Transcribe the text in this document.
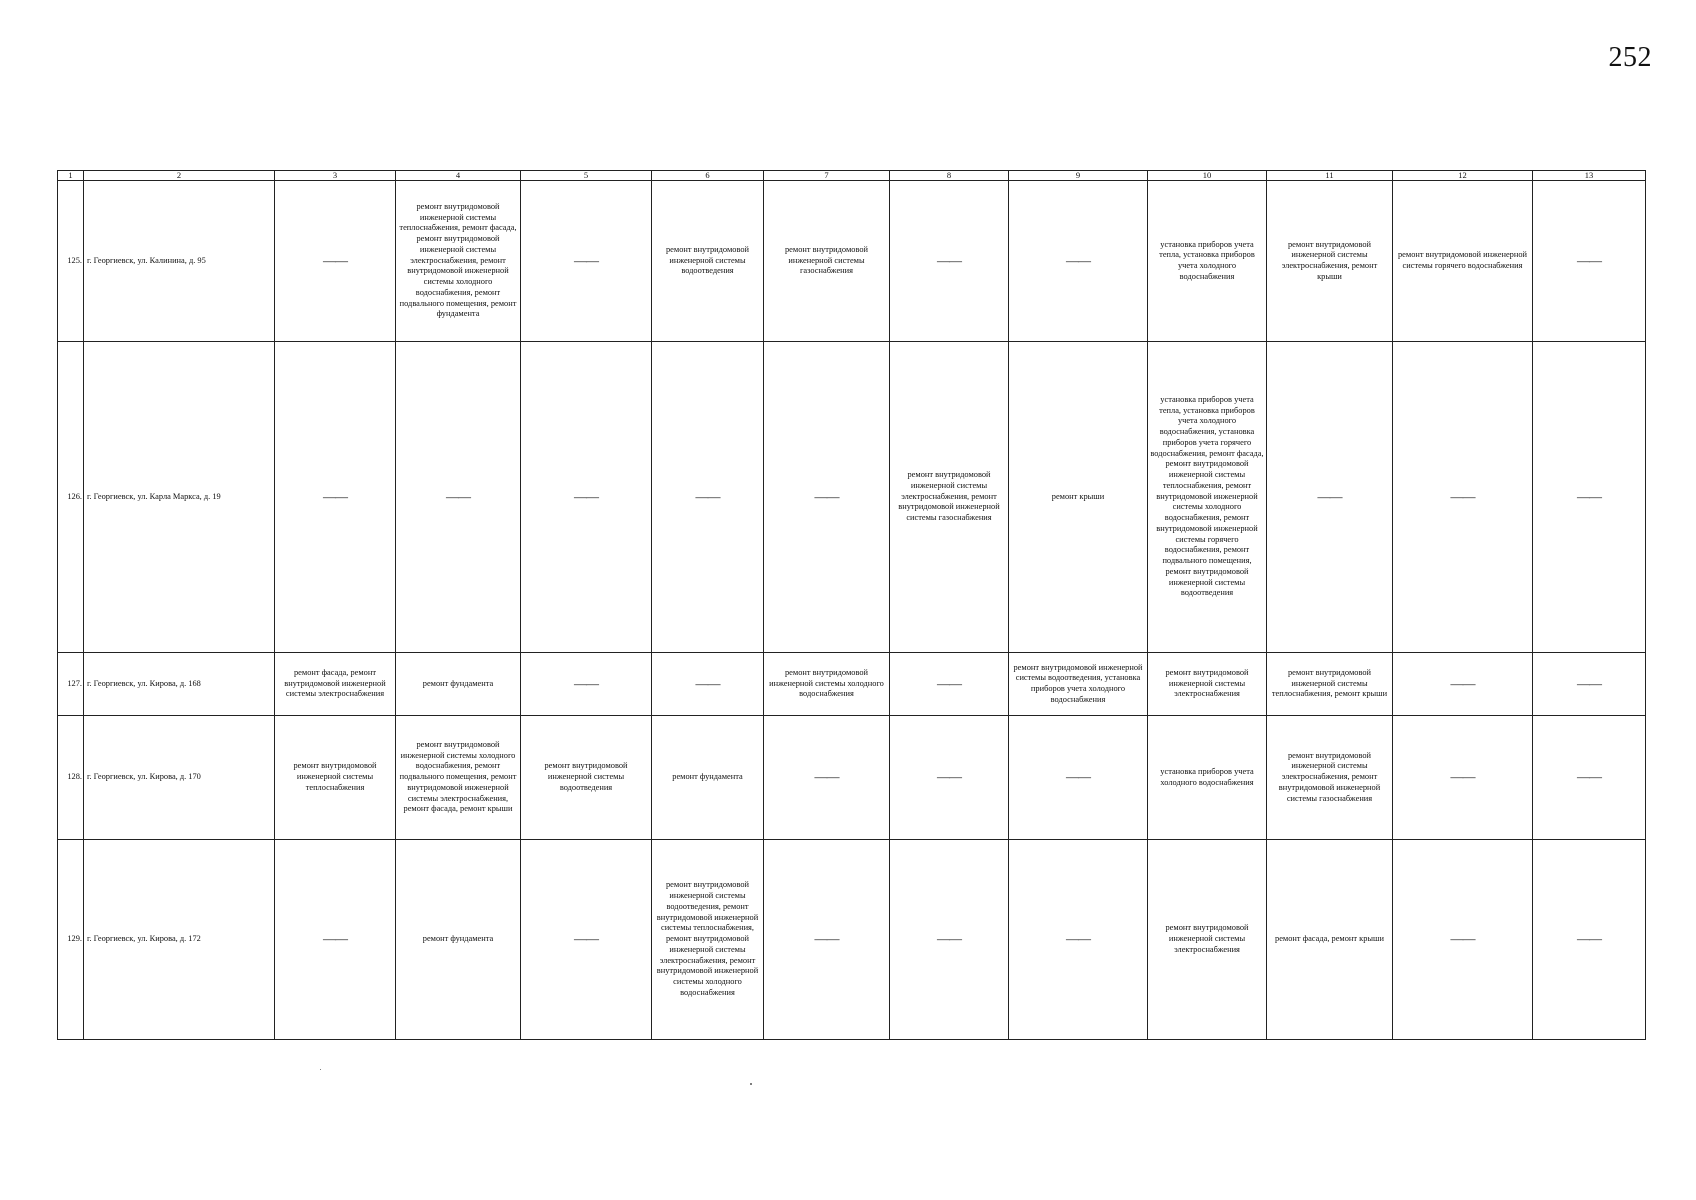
252
1	2	3	4	5	6	7	8	9	10	11	12	13
125.	г. Георгиевск, ул. Калинина, д. 95	——	ремонт внутридомовой инженерной системы теплоснабжения, ремонт фасада, ремонт внутридомовой инженерной системы электроснабжения, ремонт внутридомовой инженерной системы холодного водоснабжения, ремонт подвального помещения, ремонт фундамента	——	ремонт внутридомовой инженерной системы водоотведения	ремонт внутридомовой инженерной системы газоснабжения	——	——	установка приборов учета тепла, установка приборов учета холодного водоснабжения	ремонт внутридомовой инженерной системы электроснабжения, ремонт крыши	ремонт внутридомовой инженерной системы горячего водоснабжения	——
126.	г. Георгиевск, ул. Карла Маркса, д. 19	——	——	——	——	——	ремонт внутридомовой инженерной системы электроснабжения, ремонт внутридомовой инженерной системы газоснабжения	ремонт крыши	установка приборов учета тепла, установка приборов учета холодного водоснабжения, установка приборов учета горячего водоснабжения, ремонт фасада, ремонт внутридомовой инженерной системы теплоснабжения, ремонт внутридомовой инженерной системы холодного водоснабжения, ремонт внутридомовой инженерной системы горячего водоснабжения, ремонт подвального помещения, ремонт внутридомовой инженерной системы водоотведения	——	——	——
127.	г. Георгиевск, ул. Кирова, д. 168	ремонт фасада, ремонт внутридомовой инженерной системы электроснабжения	ремонт фундамента	——	——	ремонт внутридомовой инженерной системы холодного водоснабжения	——	ремонт внутридомовой инженерной системы водоотведения, установка приборов учета холодного водоснабжения	ремонт внутридомовой инженерной системы электроснабжения	ремонт внутридомовой инженерной системы теплоснабжения, ремонт крыши	——	——
128.	г. Георгиевск, ул. Кирова, д. 170	ремонт внутридомовой инженерной системы теплоснабжения	ремонт внутридомовой инженерной системы холодного водоснабжения, ремонт подвального помещения, ремонт внутридомовой инженерной системы электроснабжения, ремонт фасада, ремонт крыши	ремонт внутридомовой инженерной системы водоотведения	ремонт фундамента	——	——	——	установка приборов учета холодного водоснабжения	ремонт внутридомовой инженерной системы электроснабжения, ремонт внутридомовой инженерной системы газоснабжения	——	——
129.	г. Георгиевск, ул. Кирова, д. 172	——	ремонт фундамента	——	ремонт внутридомовой инженерной системы водоотведения, ремонт внутридомовой инженерной системы теплоснабжения, ремонт внутридомовой инженерной системы электроснабжения, ремонт внутридомовой инженерной системы холодного водоснабжения	——	——	——	ремонт внутридомовой инженерной системы электроснабжения	ремонт фасада, ремонт крыши	——	——
